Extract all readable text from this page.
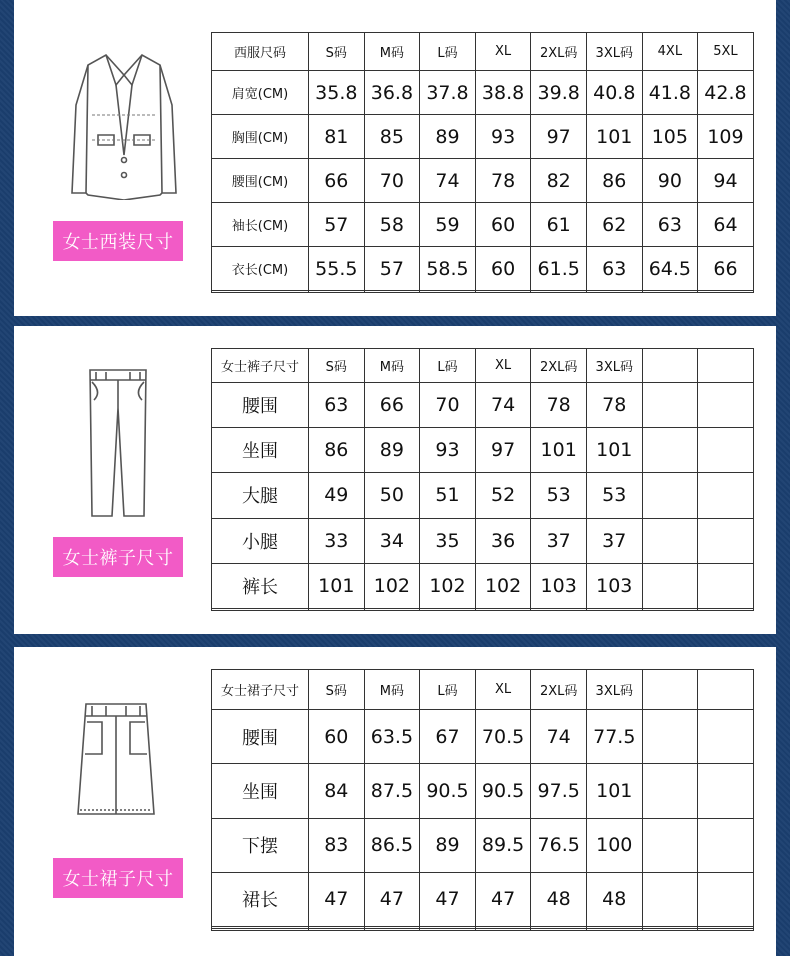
女士西装尺寸
西服尺码	S码	M码	L码	XL	2XL码	3XL码	4XL	5XL
肩宽(CM)	35.8	36.8	37.8	38.8	39.8	40.8	41.8	42.8
胸围(CM)	81	85	89	93	97	101	105	109
腰围(CM)	66	70	74	78	82	86	90	94
袖长(CM)	57	58	59	60	61	62	63	64
衣长(CM)	55.5	57	58.5	60	61.5	63	64.5	66

女士裤子尺寸
女士裤子尺寸	S码	M码	L码	XL	2XL码	3XL码		
腰围	63	66	70	74	78	78		
坐围	86	89	93	97	101	101		
大腿	49	50	51	52	53	53		
小腿	33	34	35	36	37	37		
裤长	101	102	102	102	103	103		

女士裙子尺寸
女士裙子尺寸	S码	M码	L码	XL	2XL码	3XL码		
腰围	60	63.5	67	70.5	74	77.5		
坐围	84	87.5	90.5	90.5	97.5	101		
下摆	83	86.5	89	89.5	76.5	100		
裙长	47	47	47	47	48	48		
